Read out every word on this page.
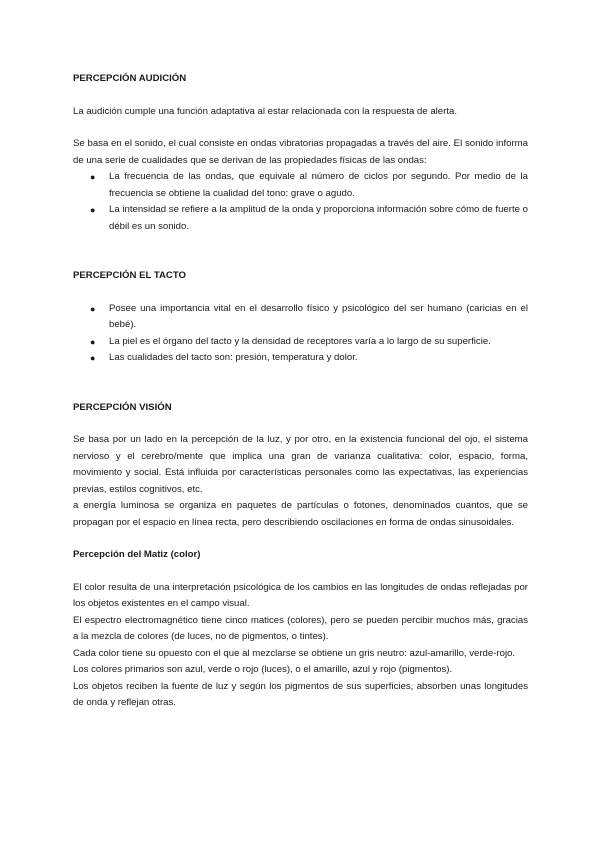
PERCEPCIÓN AUDICIÓN

La audición cumple una función adaptativa al estar relacionada con la respuesta de alerta.

Se basa en el sonido, el cual consiste en ondas vibratorias propagadas a través del aire. El sonido informa de una serie de cualidades que se derivan de las propiedades físicas de las ondas:

● La frecuencia de las ondas, que equivale al número de ciclos por segundo. Por medio de la frecuencia se obtiene la cualidad del tono: grave o agudo.
● La intensidad se refiere a la amplitud de la onda y proporciona información sobre cómo de fuerte o débil es un sonido.
PERCEPCIÓN EL TACTO
● Posee una importancia vital en el desarrollo físico y psicológico del ser humano (caricias en el bebé).
● La piel es el órgano del tacto y la densidad de receptores varía a lo largo de su superficie.
● Las cualidades del tacto son: presión, temperatura y dolor.
PERCEPCIÓN VISIÓN

Se basa por un lado en la percepción de la luz, y por otro, en la existencia funcional del ojo, el sistema nervioso y el cerebro/mente que implica una gran de varianza cualitativa: color, espacio, forma, movimiento y social. Está influida por características personales como las expectativas, las experiencias previas, estilos cognitivos, etc.

a energía luminosa se organiza en paquetes de partículas o fotones, denominados cuantos, que se propagan por el espacio en línea recta, pero describiendo oscilaciones en forma de ondas sinusoidales.

Percepción del Matiz (color)

El color resulta de una interpretación psicológica de los cambios en las longitudes de ondas reflejadas por los objetos existentes en el campo visual.

El espectro electromagnético tiene cinco matices (colores), pero se pueden percibir muchos más, gracias a la mezcla de colores (de luces, no de pigmentos, o tintes).

Cada color tiene su opuesto con el que al mezclarse se obtiene un gris neutro: azul-amarillo, verde-rojo.

Los colores primarios son azul, verde o rojo (luces), o el amarillo, azul y rojo (pigmentos).

Los objetos reciben la fuente de luz y según los pigmentos de sus superficies, absorben unas longitudes de onda y reflejan otras.
